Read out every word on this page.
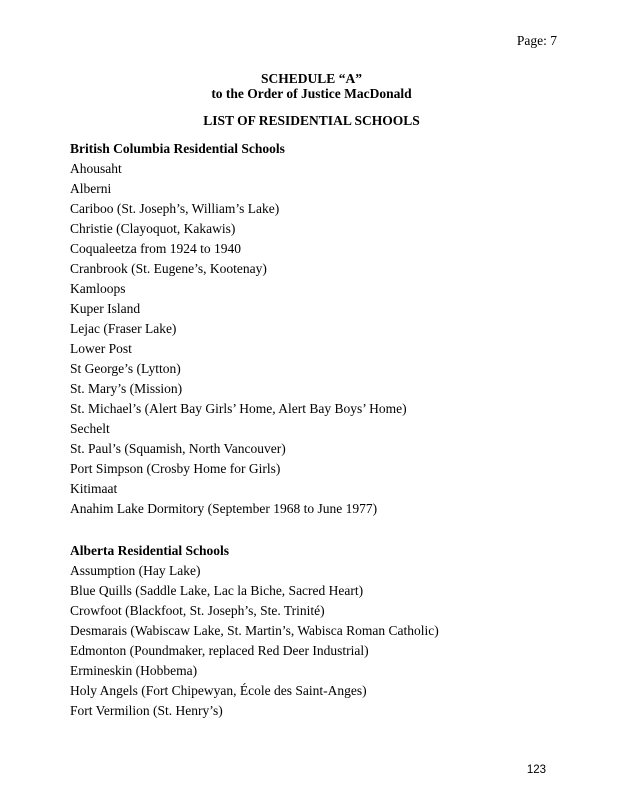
Page: 7
SCHEDULE “A”
to the Order of Justice MacDonald
LIST OF RESIDENTIAL SCHOOLS
British Columbia Residential Schools
Ahousaht
Alberni
Cariboo (St. Joseph’s, William’s Lake)
Christie (Clayoquot, Kakawis)
Coqualeetza from 1924 to 1940
Cranbrook (St. Eugene’s, Kootenay)
Kamloops
Kuper Island
Lejac (Fraser Lake)
Lower Post
St George’s (Lytton)
St. Mary’s (Mission)
St. Michael’s (Alert Bay Girls’ Home, Alert Bay Boys’ Home)
Sechelt
St. Paul’s (Squamish, North Vancouver)
Port Simpson (Crosby Home for Girls)
Kitimaat
Anahim Lake Dormitory (September 1968 to June 1977)
Alberta Residential Schools
Assumption (Hay Lake)
Blue Quills (Saddle Lake, Lac la Biche, Sacred Heart)
Crowfoot (Blackfoot, St. Joseph’s, Ste. Trinité)
Desmarais (Wabiscaw Lake, St. Martin’s, Wabisca Roman Catholic)
Edmonton (Poundmaker, replaced Red Deer Industrial)
Ermineskin (Hobbema)
Holy Angels (Fort Chipewyan, École des Saint-Anges)
Fort Vermilion (St. Henry’s)
123
